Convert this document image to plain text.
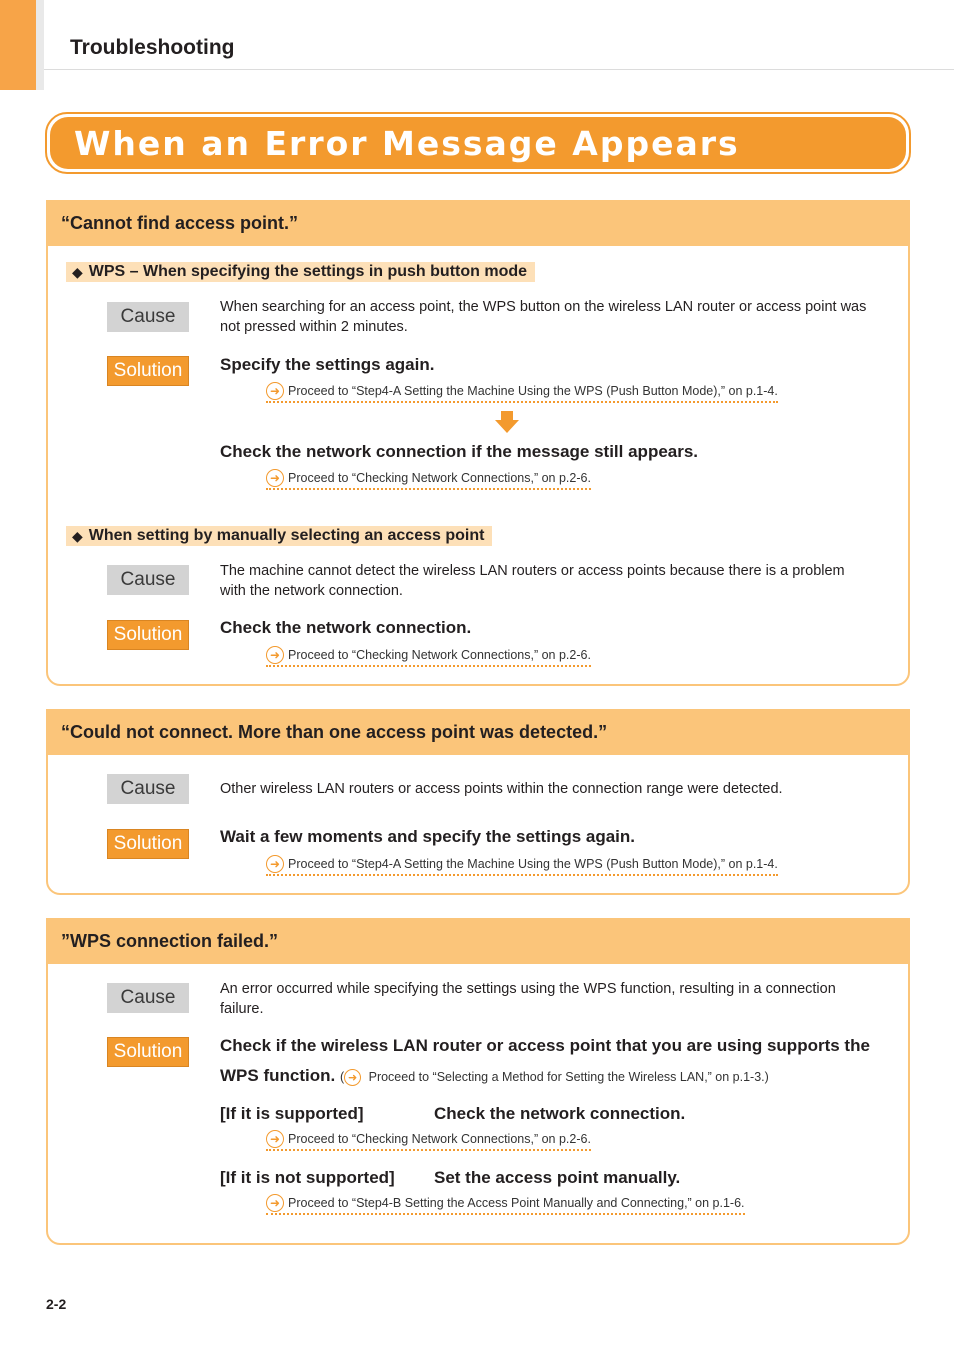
Troubleshooting
When an Error Message Appears
“Cannot find access point.”
◆ WPS – When specifying the settings in push button mode
Cause	When searching for an access point, the WPS button on the wireless LAN router or access point was not pressed within 2 minutes.
Solution	Specify the settings again.
➜ Proceed to “Step4-A Setting the Machine Using the WPS (Push Button Mode),” on p.1-4.
Check the network connection if the message still appears.
➜ Proceed to “Checking Network Connections,” on p.2-6.
◆ When setting by manually selecting an access point
Cause	The machine cannot detect the wireless LAN routers or access points because there is a problem with the network connection.
Solution	Check the network connection.
➜ Proceed to “Checking Network Connections,” on p.2-6.
“Could not connect. More than one access point was detected.”
Cause	Other wireless LAN routers or access points within the connection range were detected.
Solution	Wait a few moments and specify the settings again.
➜ Proceed to “Step4-A Setting the Machine Using the WPS (Push Button Mode),” on p.1-4.
”WPS connection failed.”
Cause	An error occurred while specifying the settings using the WPS function, resulting in a connection failure.
Solution	Check if the wireless LAN router or access point that you are using supports the WPS function. ( ➜ Proceed to “Selecting a Method for Setting the Wireless LAN,” on p.1-3.)
[If it is supported]	Check the network connection.
➜ Proceed to “Checking Network Connections,” on p.2-6.
[If it is not supported] Set the access point manually.
➜ Proceed to “Step4-B Setting the Access Point Manually and Connecting,” on p.1-6.
2-2
